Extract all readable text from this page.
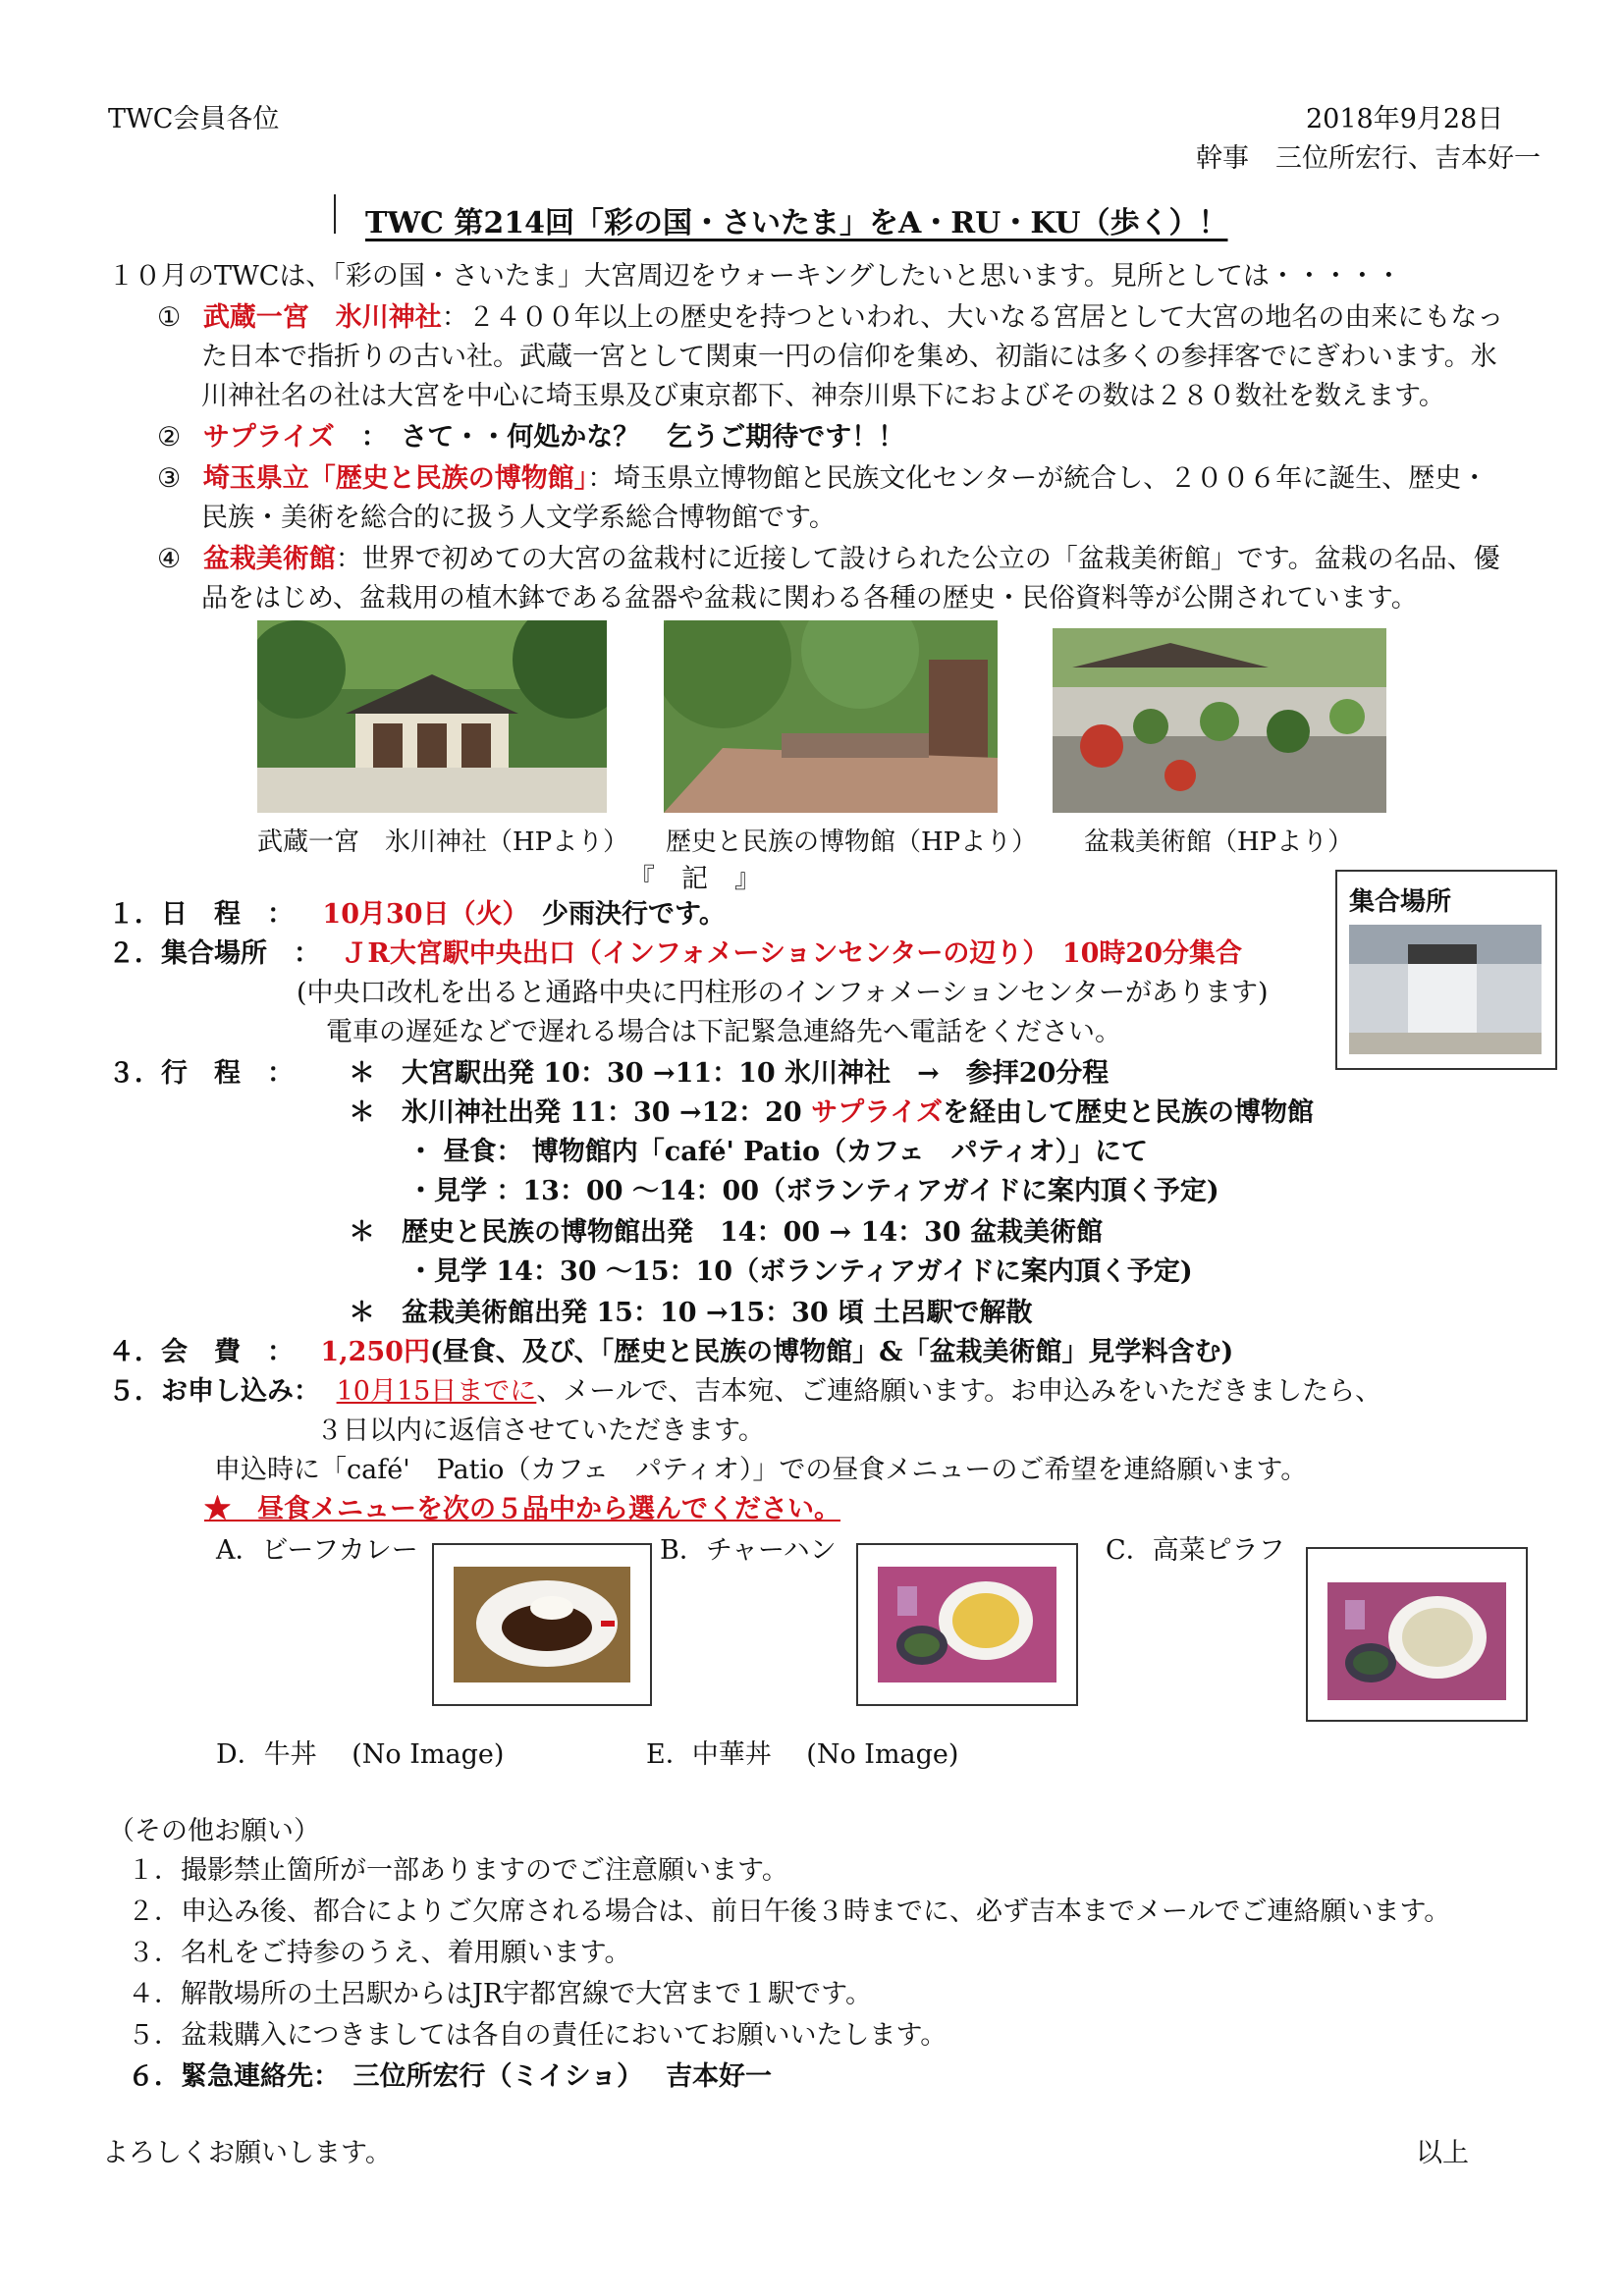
TWC会員各位	2018年9月28日
幹事　三位所宏行、吉本好一
TWC 第214回「彩の国・さいたま」をA・RU・KU（歩く）！
１０月のTWCは、「彩の国・さいたま」大宮周辺をウォーキングしたいと思います。見所としては・・・・・
① 武蔵一宮　氷川神社：２４００年以上の歴史を持つといわれ、大いなる宮居として大宮の地名の由来にもなっ
た日本で指折りの古い社。武蔵一宮として関東一円の信仰を集め、初詣には多くの参拝客でにぎわいます。氷
川神社名の社は大宮を中心に埼玉県及び東京都下、神奈川県下におよびその数は２８０数社を数えます。
② サプライズ　：　さて・・何処かな？　乞うご期待です！！
③ 埼玉県立「歴史と民族の博物館」：埼玉県立博物館と民族文化センターが統合し、２００６年に誕生、歴史・
民族・美術を総合的に扱う人文学系総合博物館です。
④ 盆栽美術館：世界で初めての大宮の盆栽村に近接して設けられた公立の「盆栽美術館」です。盆栽の名品、優
品をはじめ、盆栽用の植木鉢である盆器や盆栽に関わる各種の歴史・民俗資料等が公開されています。
武蔵一宮　氷川神社（HPより） 歴史と民族の博物館（HPより） 盆栽美術館（HPより）
『　記　』
集合場所
１．日　程　： 10月30日（火）　少雨決行です。
２．集合場所　： ＪR大宮駅中央出口（インフォメーションセンターの辺り）　10時20分集合
(中央口改札を出ると通路中央に円柱形のインフォメーションセンターがあります)
電車の遅延などで遅れる場合は下記緊急連絡先へ電話をください。
３．行　程　： ＊　大宮駅出発 10：30 →11：10 氷川神社　→　参拝20分程
＊　氷川神社出発 11：30 →12：20 サプライズを経由して歴史と民族の博物館
・ 昼食： 博物館内「café' Patio（カフェ　パティオ）」にて
・見学 ：13：00 ～14：00（ボランティアガイドに案内頂く予定)
＊　歴史と民族の博物館出発　14：00 → 14：30 盆栽美術館
・見学 14：30 ～15：10（ボランティアガイドに案内頂く予定)
＊　盆栽美術館出発 15：10 →15：30 頃 土呂駅で解散
４．会　費　： 1,250円(昼食、及び、「歴史と民族の博物館」&「盆栽美術館」見学料含む)
５．お申し込み： 10月15日までに、メールで、吉本宛、ご連絡願います。お申込みをいただきましたら、
３日以内に返信させていただきます。
申込時に「café'　Patio（カフェ　パティオ）」での昼食メニューのご希望を連絡願います。
★　昼食メニューを次の５品中から選んでください。
A．ビーフカレー	B．チャーハン	C．高菜ピラフ
D．牛丼　 (No Image)	E．中華丼　 (No Image)
（その他お願い）
１．撮影禁止箇所が一部ありますのでご注意願います。
２．申込み後、都合によりご欠席される場合は、前日午後３時までに、必ず吉本までメールでご連絡願います。
３．名札をご持参のうえ、着用願います。
４．解散場所の土呂駅からはJR宇都宮線で大宮まで１駅です。
５．盆栽購入につきましては各自の責任においてお願いいたします。
６．緊急連絡先：　三位所宏行（ミイショ）　 吉本好一
よろしくお願いします。	以上
